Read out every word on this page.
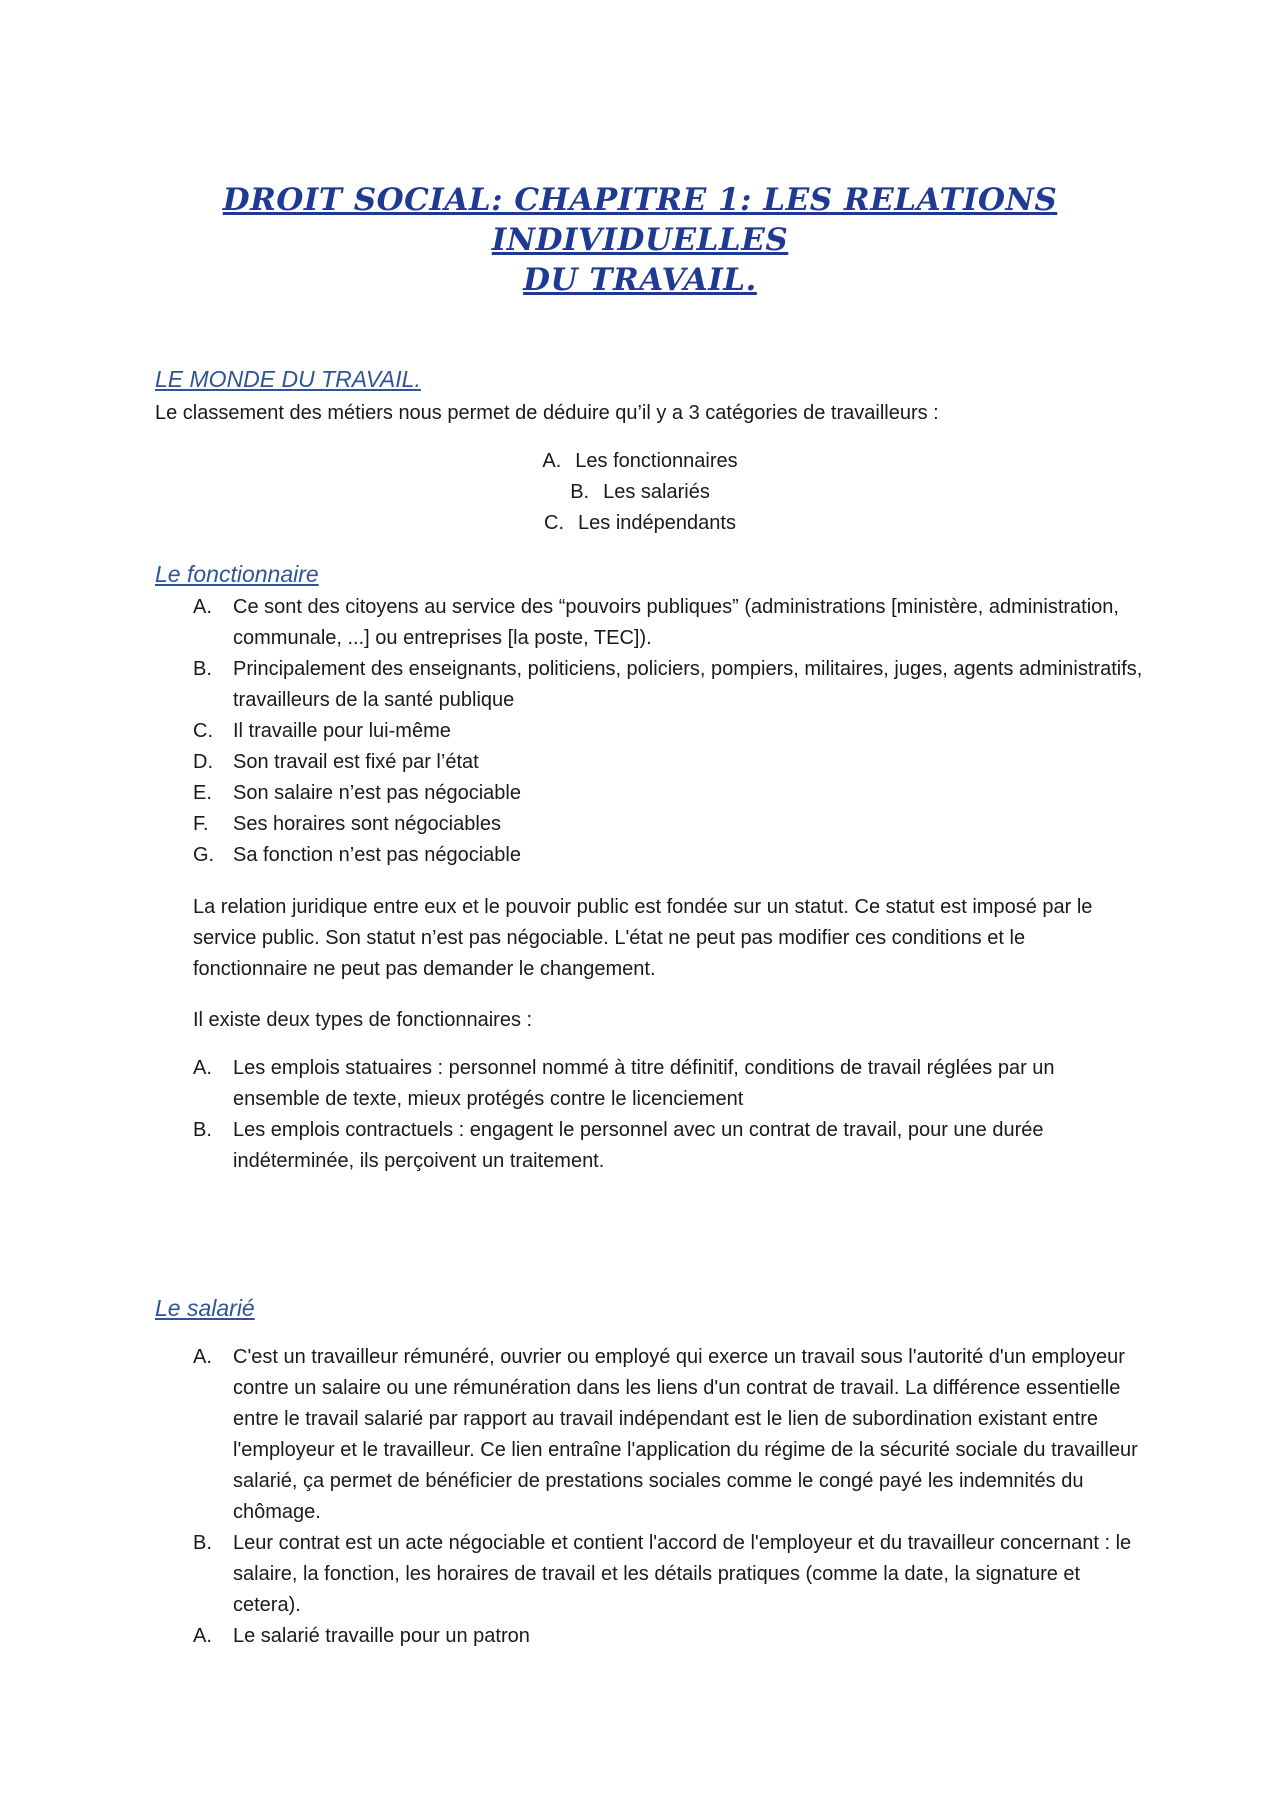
DROIT SOCIAL: CHAPITRE 1: LES RELATIONS INDIVIDUELLES
DU TRAVAIL.
LE MONDE DU TRAVAIL.

Le classement des métiers nous permet de déduire qu’il y a 3 catégories de travailleurs :

A. Les fonctionnaires
B. Les salariés
C. Les indépendants
Le fonctionnaire
A. Ce sont des citoyens au service des “pouvoirs publiques” (administrations [ministère, administration, communale, ...] ou entreprises [la poste, TEC]).
B. Principalement des enseignants, politiciens, policiers, pompiers, militaires, juges, agents administratifs, travailleurs de la santé publique
C. Il travaille pour lui-même
D. Son travail est fixé par l’état
E. Son salaire n’est pas négociable
F. Ses horaires sont négociables
G. Sa fonction n’est pas négociable

La relation juridique entre eux et le pouvoir public est fondée sur un statut. Ce statut est imposé par le service public. Son statut n’est pas négociable. L'état ne peut pas modifier ces conditions et le fonctionnaire ne peut pas demander le changement.

Il existe deux types de fonctionnaires :

A. Les emplois statuaires : personnel nommé à titre définitif, conditions de travail réglées par un ensemble de texte, mieux protégés contre le licenciement
B. Les emplois contractuels : engagent le personnel avec un contrat de travail, pour une durée indéterminée, ils perçoivent un traitement.
Le salarié
A. C'est un travailleur rémunéré, ouvrier ou employé qui exerce un travail sous l'autorité d'un employeur contre un salaire ou une rémunération dans les liens d'un contrat de travail. La différence essentielle entre le travail salarié par rapport au travail indépendant est le lien de subordination existant entre l'employeur et le travailleur. Ce lien entraîne l'application du régime de la sécurité sociale du travailleur salarié, ça permet de bénéficier de prestations sociales comme le congé payé les indemnités du chômage.
B. Leur contrat est un acte négociable et contient l'accord de l'employeur et du travailleur concernant : le salaire, la fonction, les horaires de travail et les détails pratiques (comme la date, la signature et cetera).
A. Le salarié travaille pour un patron
